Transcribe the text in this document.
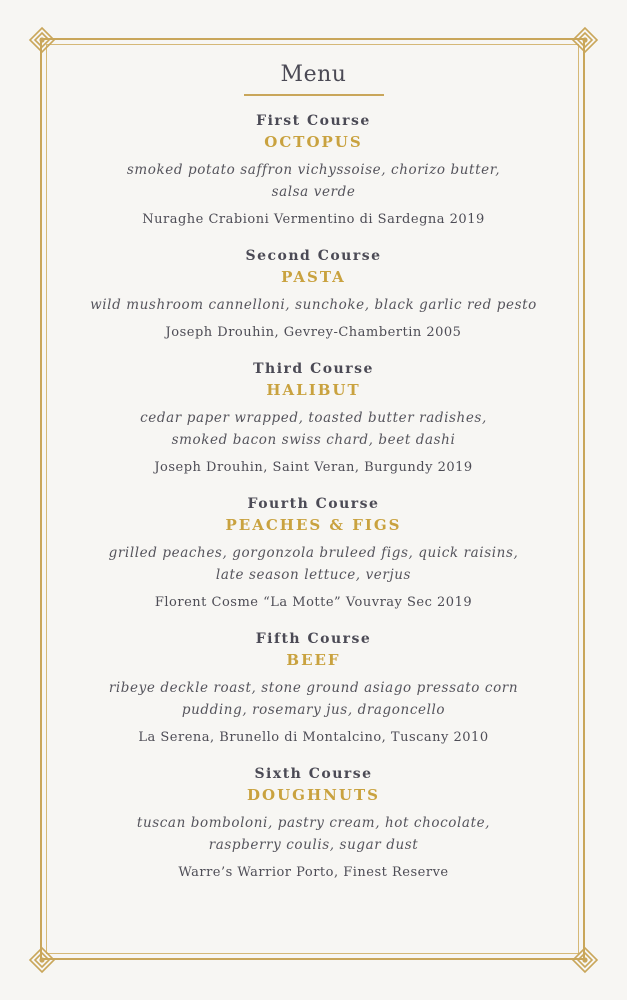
Menu
First Course
OCTOPUS
smoked potato saffron vichyssoise, chorizo butter,
salsa verde
Nuraghe Crabioni Vermentino di Sardegna 2019
Second Course
PASTA
wild mushroom cannelloni, sunchoke, black garlic red pesto
Joseph Drouhin, Gevrey-Chambertin 2005
Third Course
HALIBUT
cedar paper wrapped, toasted butter radishes,
smoked bacon swiss chard, beet dashi
Joseph Drouhin, Saint Veran, Burgundy 2019
Fourth Course
PEACHES & FIGS
grilled peaches, gorgonzola bruleed figs, quick raisins,
late season lettuce, verjus
Florent Cosme “La Motte” Vouvray Sec 2019
Fifth Course
BEEF
ribeye deckle roast, stone ground asiago pressato corn
pudding, rosemary jus, dragoncello
La Serena, Brunello di Montalcino, Tuscany 2010
Sixth Course
DOUGHNUTS
tuscan bomboloni, pastry cream, hot chocolate,
raspberry coulis, sugar dust
Warre’s Warrior Porto, Finest Reserve
